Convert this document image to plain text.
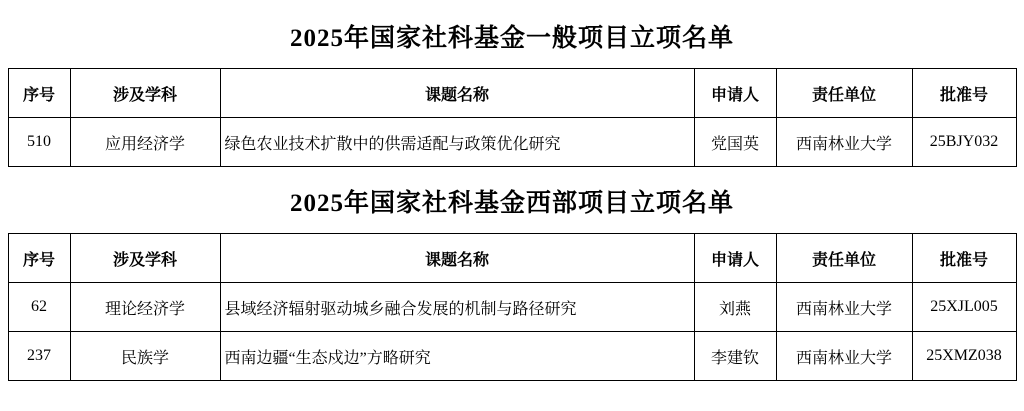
2025年国家社科基金一般项目立项名单
序号	涉及学科	课题名称	申请人	责任单位	批准号
510	应用经济学	绿色农业技术扩散中的供需适配与政策优化研究	党国英	西南林业大学	25BJY032
2025年国家社科基金西部项目立项名单
序号	涉及学科	课题名称	申请人	责任单位	批准号
62	理论经济学	县域经济辐射驱动城乡融合发展的机制与路径研究	刘燕	西南林业大学	25XJL005
237	民族学	西南边疆“生态戍边”方略研究	李建钦	西南林业大学	25XMZ038
